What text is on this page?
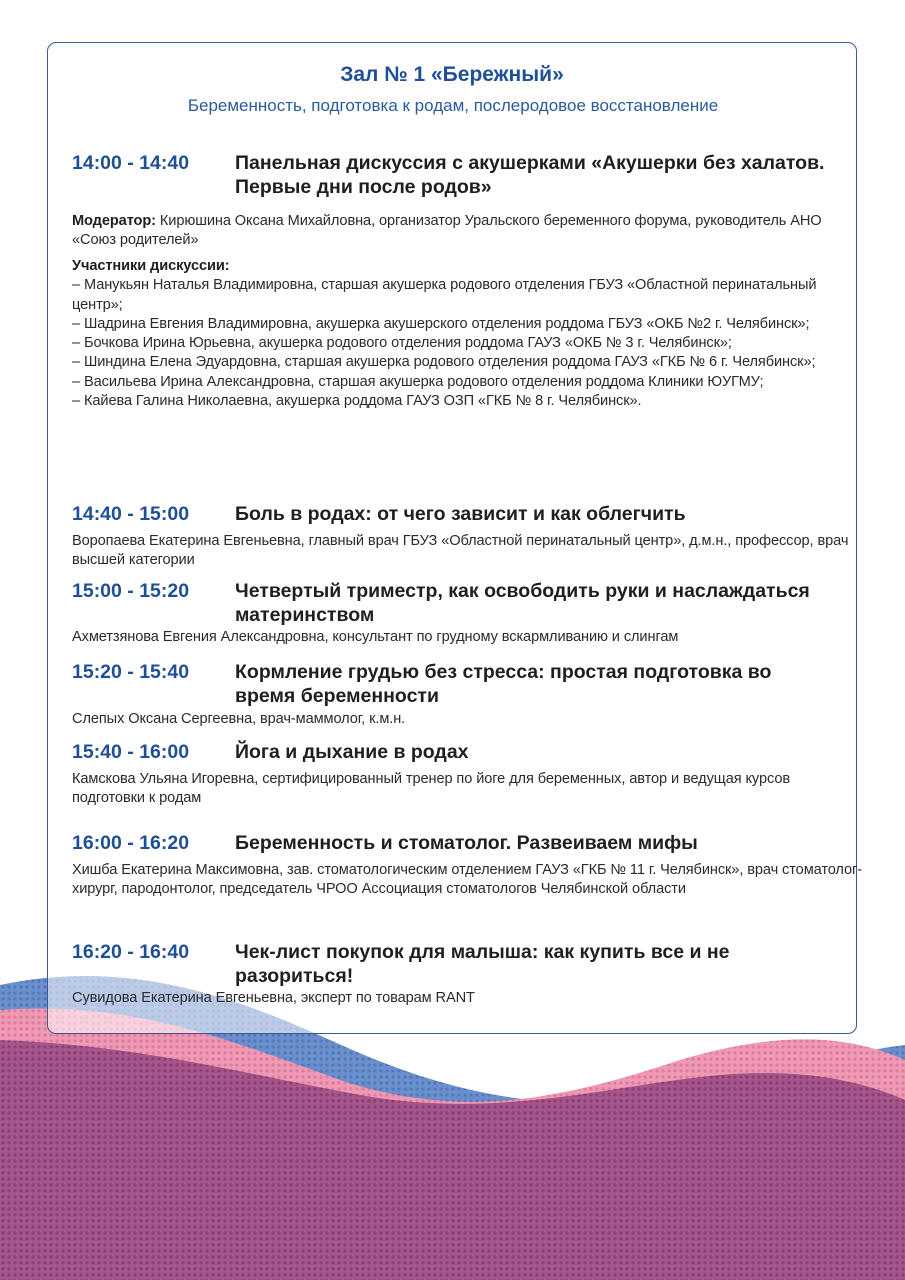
Зал № 1 «Бережный»

Беременность, подготовка к родам, послеродовое восстановление

14:00 - 14:40 Панельная дискуссия с акушерками «Акушерки без халатов. Первые дни после родов»
Модератор: Кирюшина Оксана Михайловна, организатор Уральского беременного форума, руководитель АНО «Союз родителей»
Участники дискуссии:
– Манукьян Наталья Владимировна, старшая акушерка родового отделения ГБУЗ «Областной перинатальный центр»;
– Шадрина Евгения Владимировна, акушерка акушерского отделения роддома ГБУЗ «ОКБ №2 г. Челябинск»;
– Бочкова Ирина Юрьевна, акушерка родового отделения роддома ГАУЗ «ОКБ № 3 г. Челябинск»;
– Шиндина Елена Эдуардовна, старшая акушерка родового отделения роддома ГАУЗ «ГКБ № 6 г. Челябинск»;
– Васильева Ирина Александровна, старшая акушерка родового отделения роддома Клиники ЮУГМУ;
– Кайева Галина Николаевна, акушерка роддома ГАУЗ ОЗП «ГКБ № 8 г. Челябинск».
14:40 - 15:00 Боль в родах: от чего зависит и как облегчить

Воропаева Екатерина Евгеньевна, главный врач ГБУЗ «Областной перинатальный центр», д.м.н., профессор, врач высшей категории

15:00 - 15:20 Четвертый триместр, как освободить руки и наслаждаться материнством

Ахметзянова Евгения Александровна, консультант по грудному вскармливанию и слингам

15:20 - 15:40 Кормление грудью без стресса: простая подготовка во время беременности

Слепых Оксана Сергеевна, врач-маммолог, к.м.н.

15:40 - 16:00 Йога и дыхание в родах

Камскова Ульяна Игоревна, сертифицированный тренер по йоге для беременных, автор и ведущая курсов подготовки к родам

16:00 - 16:20 Беременность и стоматолог. Развеиваем мифы

Хишба Екатерина Максимовна, зав. стоматологическим отделением ГАУЗ «ГКБ № 11 г. Челябинск», врач стоматолог-хирург, пародонтолог, председатель ЧРОО Ассоциация стоматологов Челябинской области

16:20 - 16:40 Чек-лист покупок для малыша: как купить все и не разориться!

Сувидова Екатерина Евгеньевна, эксперт по товарам RANT
